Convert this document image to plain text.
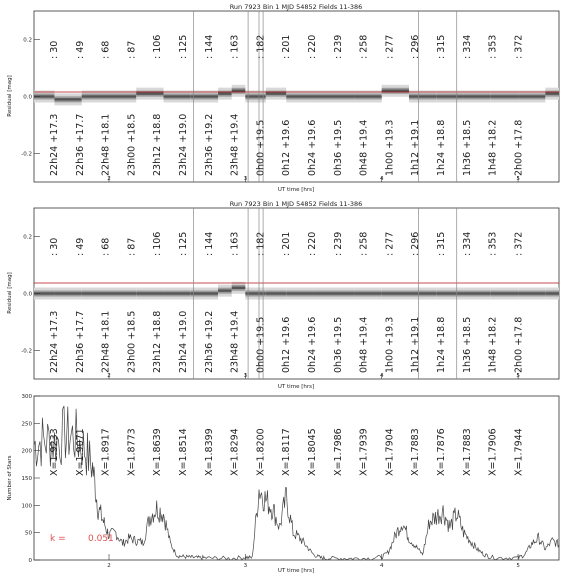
Run 7923 Bin 1 MJD 54852 Fields 11-386
: 30 : 49 : 68 : 87 : 106 : 125 : 144 : 163 : 182 : 201 : 220 : 239 : 258 : 277 : 296 : 315 : 334 : 353 : 372
22h24 +17.3 22h36 +17.7 22h48 +18.1 23h00 +18.5 23h12 +18.8 23h24 +19.0 23h36 +19.2 23h48 +19.4 0h00 +19.5 0h12 +19.6 0h24 +19.6 0h36 +19.5 0h48 +19.4 1h00 +19.3 1h12 +19.1 1h24 +18.8 1h36 +18.5 1h48 +18.2 2h00 +17.8
-0.2
0.0
0.2
2	3	4	5
Residual [mag]
UT time [hrs]
Run 7923 Bin 1 MJD 54852 Fields 11-386
: 30 : 49 : 68 : 87 : 106 : 125 : 144 : 163 : 182 : 201 : 220 : 239 : 258 : 277 : 296 : 315 : 334 : 353 : 372
22h24 +17.3 22h36 +17.7 22h48 +18.1 23h00 +18.5 23h12 +18.8 23h24 +19.0 23h36 +19.2 23h48 +19.4 0h00 +19.5 0h12 +19.6 0h24 +19.6 0h36 +19.5 0h48 +19.4 1h00 +19.3 1h12 +19.1 1h24 +18.8 1h36 +18.5 1h48 +18.2 2h00 +17.8
-0.2
0.0
0.2
2	3	4	5
Residual [mag]
UT time [hrs]
X=1.9233 X=1.9071 X=1.8917 X=1.8773 X=1.8639 X=1.8514 X=1.8399 X=1.8294 X=1.8200 X=1.8117 X=1.8045 X=1.7986 X=1.7939 X=1.7904 X=1.7883 X=1.7876 X=1.7883 X=1.7906 X=1.7944
0
50
100
150
200
250
300
2	3	4	5
k = 0.051
Number of Stars
UT time [hrs]
